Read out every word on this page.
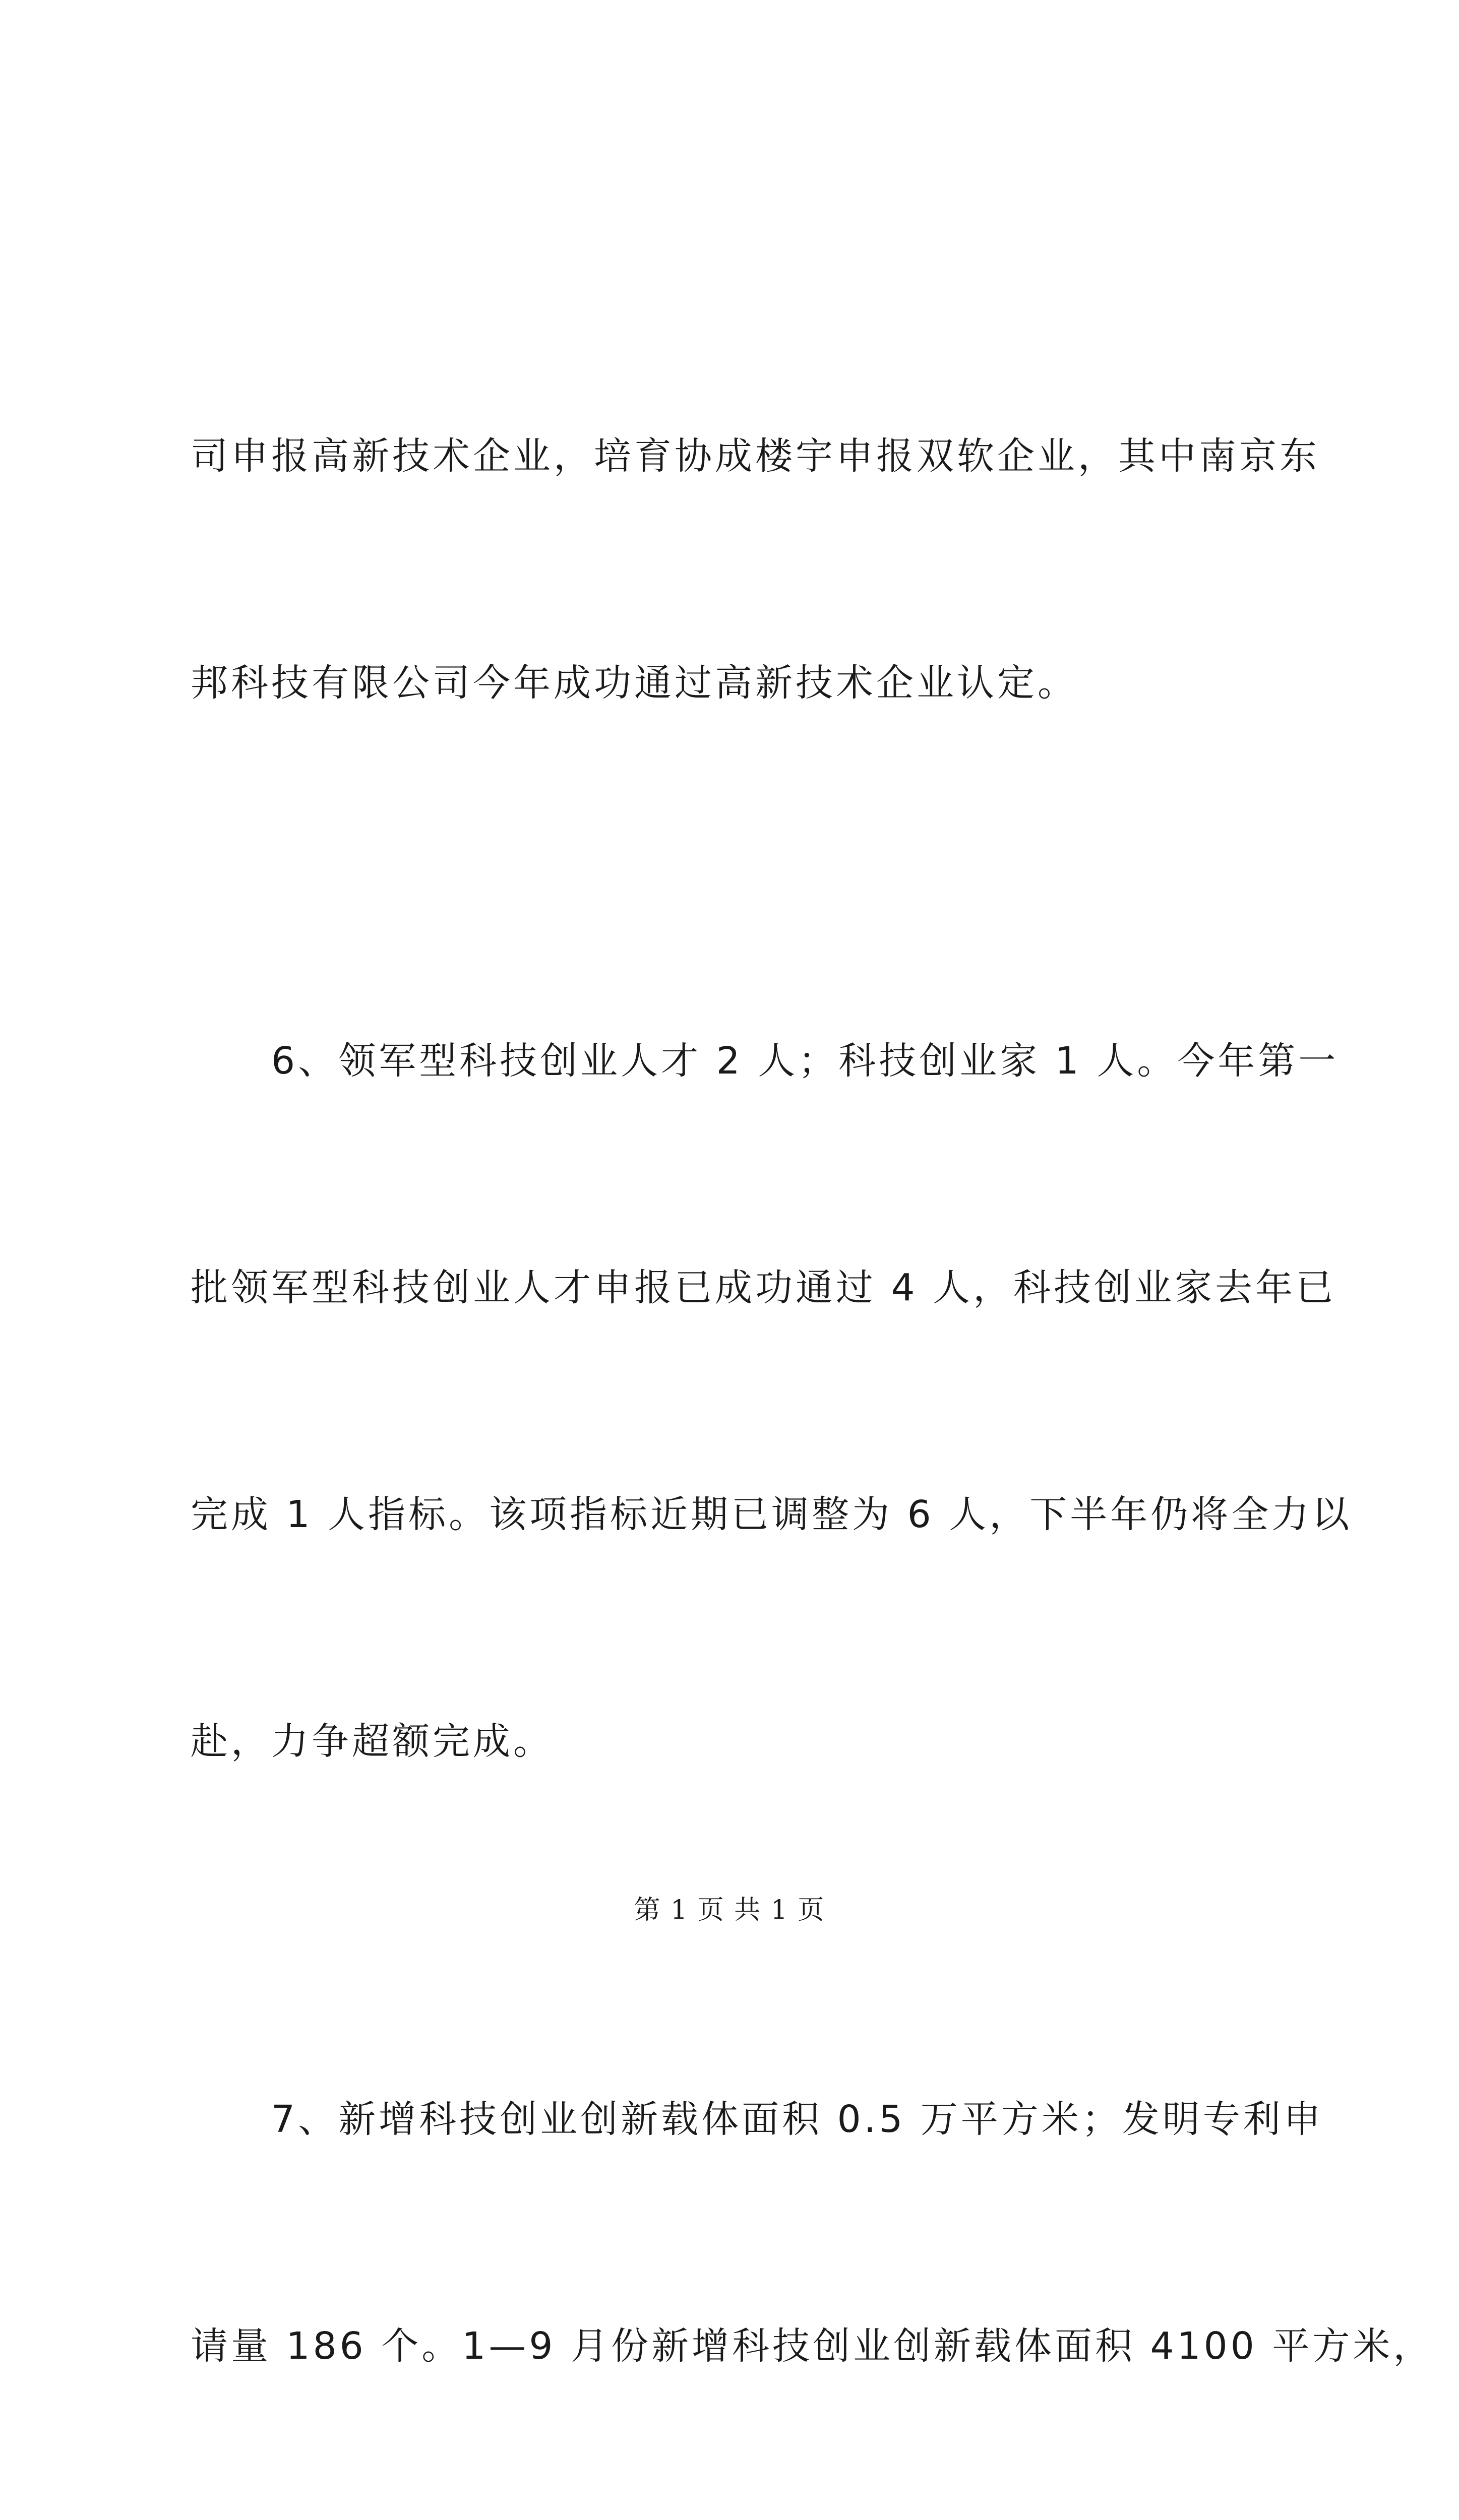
司申报高新技术企业，培育协成楼宇申报双软企业，其中南京东

邦科技有限公司今年成功通过高新技术企业认定。

6、领军型科技创业人才 2 人；科技创业家 1 人。今年第一

批领军型科技创业人才申报已成功通过 4 人，科技创业家去年已

完成 1 人指标。该项指标近期已调整为 6 人，下半年仍将全力以

赴，力争超额完成。

7、新增科技创业创新载体面积 0.5 万平方米；发明专利申

请量 186 个。1—9 月份新增科技创业创新载体面积 4100 平方米，

第 1 页 共 1 页
